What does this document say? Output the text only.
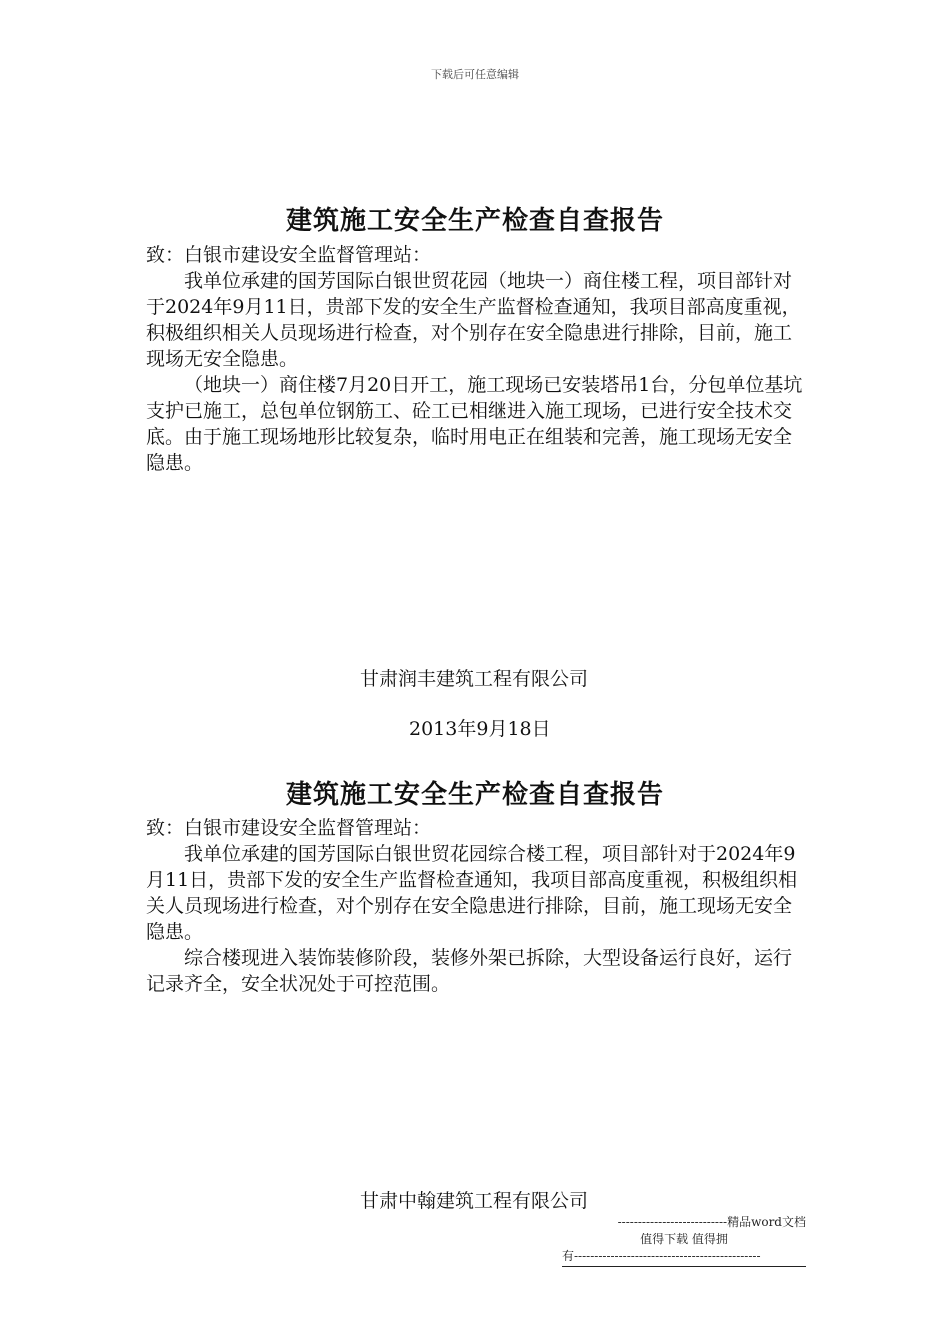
下载后可任意编辑
建筑施工安全生产检查自查报告

致：白银市建设安全监督管理站：

我单位承建的国芳国际白银世贸花园（地块一）商住楼工程，项目部针对于2024年9月11日，贵部下发的安全生产监督检查通知，我项目部高度重视，积极组织相关人员现场进行检查，对个别存在安全隐患进行排除，目前，施工现场无安全隐患。

（地块一）商住楼7月20日开工，施工现场已安装塔吊1台，分包单位基坑支护已施工，总包单位钢筋工、砼工已相继进入施工现场，已进行安全技术交底。由于施工现场地形比较复杂，临时用电正在组装和完善，施工现场无安全隐患。

甘肃润丰建筑工程有限公司
2013年9月18日
建筑施工安全生产检查自查报告

致：白银市建设安全监督管理站：

我单位承建的国芳国际白银世贸花园综合楼工程，项目部针对于2024年9月11日，贵部下发的安全生产监督检查通知，我项目部高度重视，积极组织相关人员现场进行检查，对个别存在安全隐患进行排除，目前，施工现场无安全隐患。

综合楼现进入装饰装修阶段，装修外架已拆除，大型设备运行良好，运行记录齐全，安全状况处于可控范围。

甘肃中翰建筑工程有限公司
---------------------------精品word文档
值得下载 值得拥
有----------------------------------------------
